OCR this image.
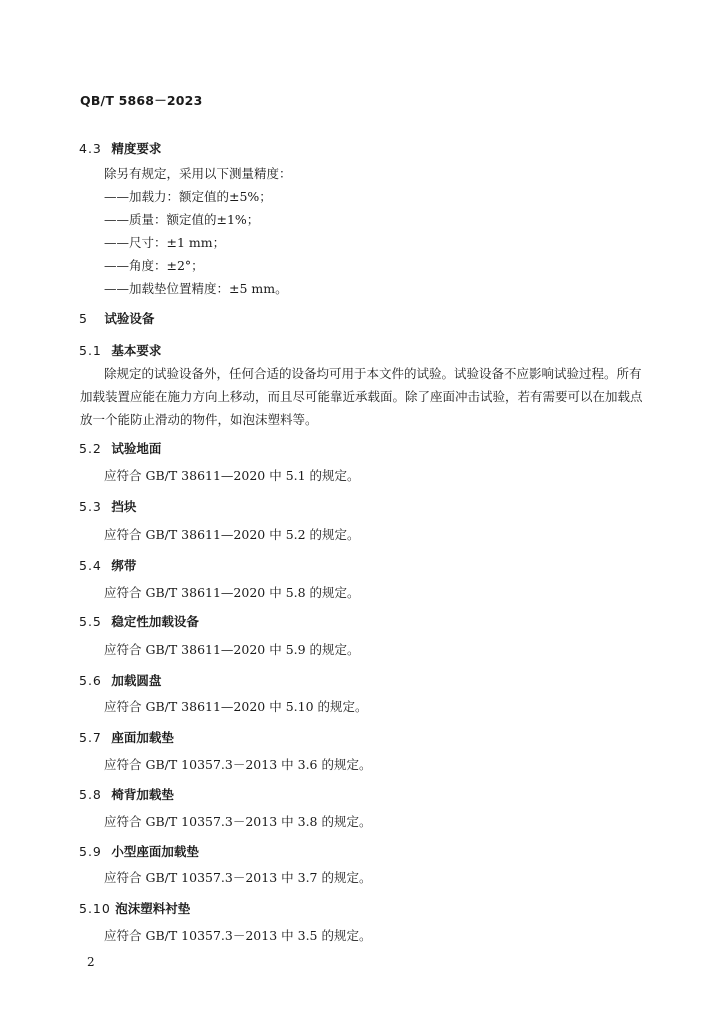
QB/T 5868－2023
4.3 精度要求
除另有规定，采用以下测量精度：
——加载力：额定值的±5%；
——质量：额定值的±1%；
——尺寸：±1 mm；
——角度：±2°；
——加载垫位置精度：±5 mm。
5 试验设备
5.1 基本要求
除规定的试验设备外，任何合适的设备均可用于本文件的试验。试验设备不应影响试验过程。所有
加载装置应能在施力方向上移动，而且尽可能靠近承载面。除了座面冲击试验，若有需要可以在加载点
放一个能防止滑动的物件，如泡沫塑料等。
5.2 试验地面
应符合 GB/T 38611—2020 中 5.1 的规定。
5.3 挡块
应符合 GB/T 38611—2020 中 5.2 的规定。
5.4 绑带
应符合 GB/T 38611—2020 中 5.8 的规定。
5.5 稳定性加载设备
应符合 GB/T 38611—2020 中 5.9 的规定。
5.6 加载圆盘
应符合 GB/T 38611—2020 中 5.10 的规定。
5.7 座面加载垫
应符合 GB/T 10357.3－2013 中 3.6 的规定。
5.8 椅背加载垫
应符合 GB/T 10357.3－2013 中 3.8 的规定。
5.9 小型座面加载垫
应符合 GB/T 10357.3－2013 中 3.7 的规定。
5.10 泡沫塑料衬垫
应符合 GB/T 10357.3－2013 中 3.5 的规定。
2
